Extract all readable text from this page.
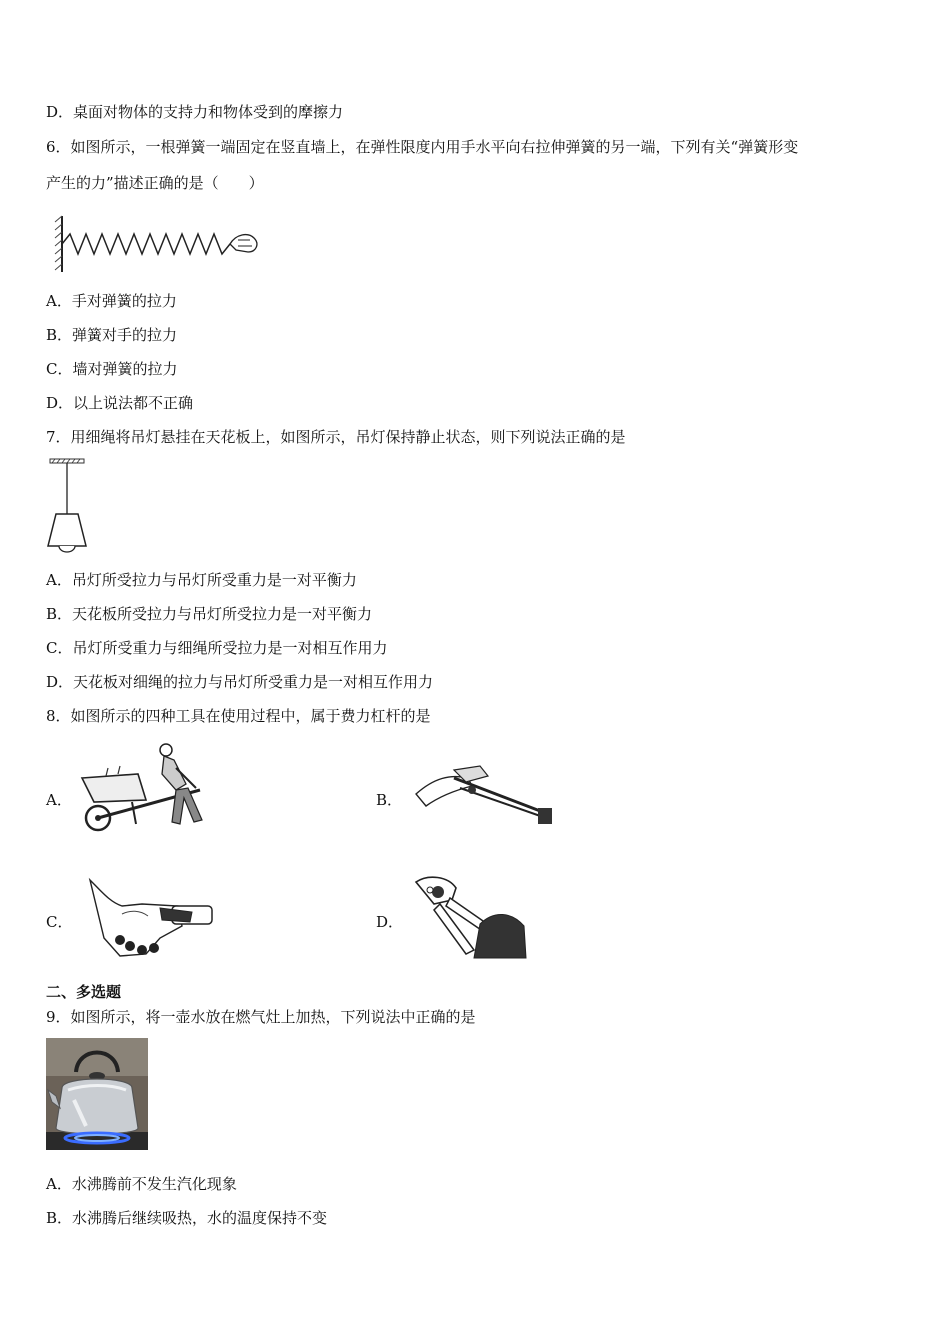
D．桌面对物体的支持力和物体受到的摩擦力
6．如图所示，一根弹簧一端固定在竖直墙上，在弹性限度内用手水平向右拉伸弹簧的另一端，下列有关“弹簧形变
产生的力”描述正确的是（　　）
A．手对弹簧的拉力
B．弹簧对手的拉力
C．墙对弹簧的拉力
D．以上说法都不正确
7．用细绳将吊灯悬挂在天花板上，如图所示，吊灯保持静止状态，则下列说法正确的是
A．吊灯所受拉力与吊灯所受重力是一对平衡力
B．天花板所受拉力与吊灯所受拉力是一对平衡力
C．吊灯所受重力与细绳所受拉力是一对相互作用力
D．天花板对细绳的拉力与吊灯所受重力是一对相互作用力
8．如图所示的四种工具在使用过程中，属于费力杠杆的是
A．	B．
C．	D．
二、多选题
9．如图所示，将一壶水放在燃气灶上加热，下列说法中正确的是
A．水沸腾前不发生汽化现象
B．水沸腾后继续吸热，水的温度保持不变
